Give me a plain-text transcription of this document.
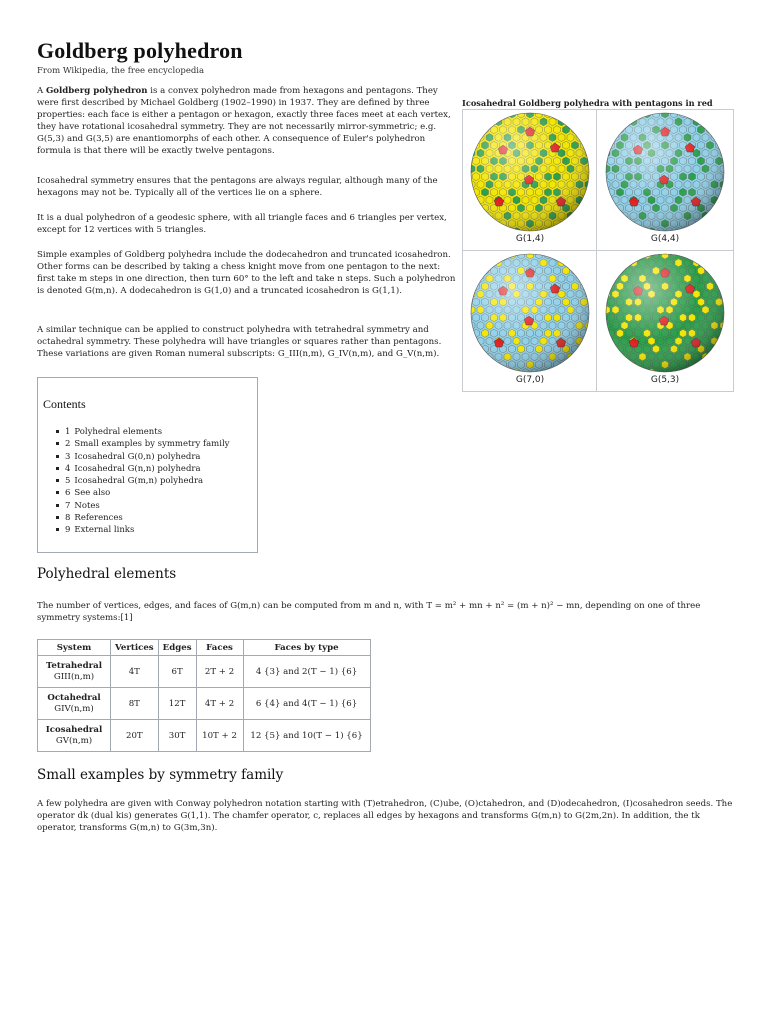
Goldberg polyhedron
From Wikipedia, the free encyclopedia

A Goldberg polyhedron is a convex polyhedron made from hexagons and pentagons. They were first described by Michael Goldberg (1902–1990) in 1937. They are defined by three properties: each face is either a pentagon or hexagon, exactly three faces meet at each vertex, they have rotational icosahedral symmetry. They are not necessarily mirror-symmetric; e.g. G(5,3) and G(3,5) are enantiomorphs of each other. A consequence of Euler's polyhedron formula is that there will be exactly twelve pentagons.

Icosahedral symmetry ensures that the pentagons are always regular, although many of the hexagons may not be. Typically all of the vertices lie on a sphere.

It is a dual polyhedron of a geodesic sphere, with all triangle faces and 6 triangles per vertex, except for 12 vertices with 5 triangles.

Simple examples of Goldberg polyhedra include the dodecahedron and truncated icosahedron. Other forms can be described by taking a chess knight move from one pentagon to the next: first take m steps in one direction, then turn 60° to the left and take n steps. Such a polyhedron is denoted G(m,n). A dodecahedron is G(1,0) and a truncated icosahedron is G(1,1).

A similar technique can be applied to construct polyhedra with tetrahedral symmetry and octahedral symmetry. These polyhedra will have triangles or squares rather than pentagons. These variations are given Roman numeral subscripts: G_III(n,m), G_IV(n,m), and G_V(n,m).

Icosahedral Goldberg polyhedra with pentagons in red
G(1,4)	G(4,4)
G(7,0)	G(5,3)
Contents
1 Polyhedral elements
2 Small examples by symmetry family
3 Icosahedral G(0,n) polyhedra
4 Icosahedral G(n,n) polyhedra
5 Icosahedral G(m,n) polyhedra
6 See also
7 Notes
8 References
9 External links
Polyhedral elements

The number of vertices, edges, and faces of G(m,n) can be computed from m and n, with T = m² + mn + n² = (m + n)² − mn, depending on one of three symmetry systems:[1]

System	Vertices	Edges	Faces	Faces by type

Tetrahedral
GIII(n,m)	4T	6T	2T + 2	4 {3} and 2(T − 1) {6}

Octahedral
GIV(n,m)	8T	12T	4T + 2	6 {4} and 4(T − 1) {6}

Icosahedral
GV(n,m)	20T	30T	10T + 2	12 {5} and 10(T − 1) {6}
Small examples by symmetry family

A few polyhedra are given with Conway polyhedron notation starting with (T)etrahedron, (C)ube, (O)ctahedron, and (D)odecahedron, (I)cosahedron seeds. The operator dk (dual kis) generates G(1,1). The chamfer operator, c, replaces all edges by hexagons and transforms G(m,n) to G(2m,2n). In addition, the tk operator, transforms G(m,n) to G(3m,3n).
